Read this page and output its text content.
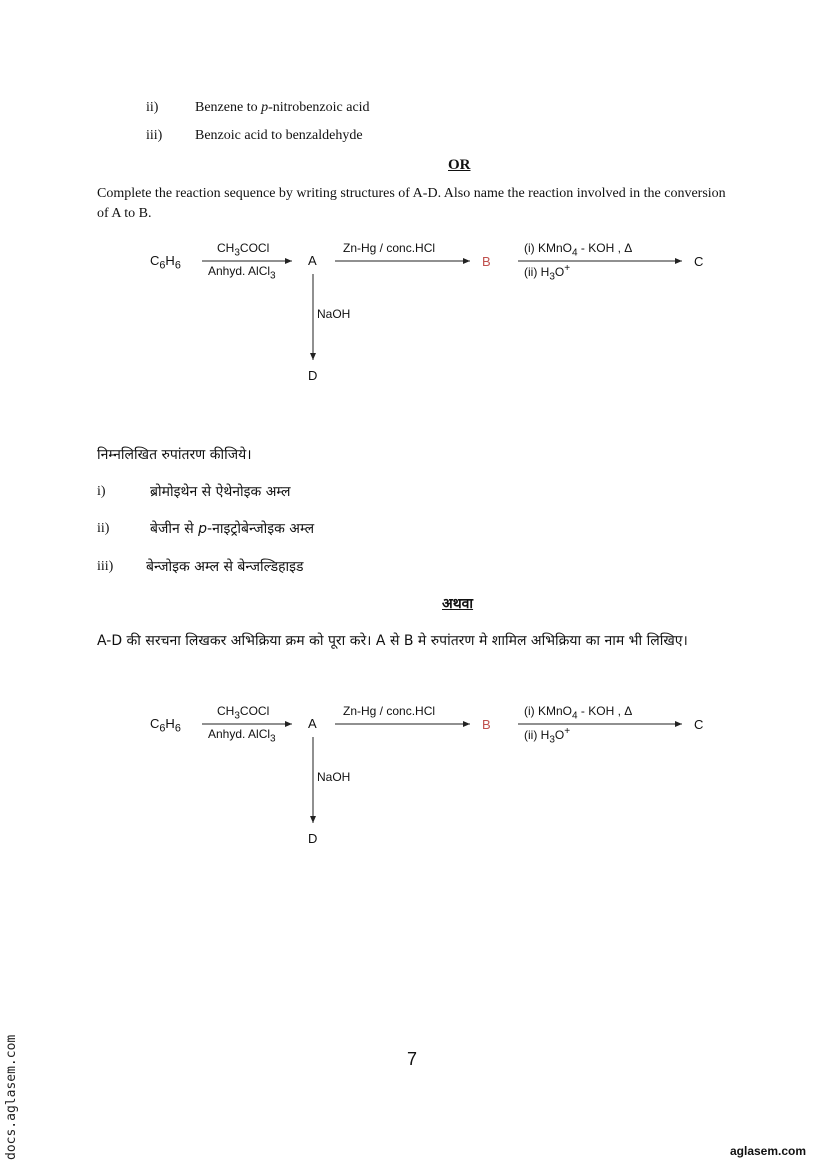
ii)	Benzene to p-nitrobenzoic acid
iii) Benzoic acid to benzaldehyde
OR
Complete the reaction sequence by writing structures of A-D. Also name the reaction involved in the conversion of A to B.
$C_6H_6$
$CH_3COCl$
Anhyd. AlCl$_3$
A
Zn-Hg / conc.HCl
B
(i) KMnO$_4$ - KOH , Δ
(ii) $H_3O^+$	C
NaOH
D
निम्नलिखित रुपांतरण कीजिये।
i)	ब्रोमोइथेन से ऐथेनोइक अम्ल
ii)	बेजीन से p-नाइट्रोबेन्जोइक अम्ल
iii) बेन्जोइक अम्ल से बेन्जल्डिहाइड
अथवा
A-D की सरचना लिखकर अभिक्रिया क्रम को पूरा करे। A से B मे रुपांतरण मे शामिल अभिक्रिया का नाम भी लिखिए।
$C_6H_6$
$CH_3COCl$
Anhyd. AlCl$_3$
A
Zn-Hg / conc.HCl
B
(i) KMnO$_4$ - KOH , Δ
(ii) $H_3O^+$	C
NaOH
D
7
docs.aglasem.com	aglasem.com
